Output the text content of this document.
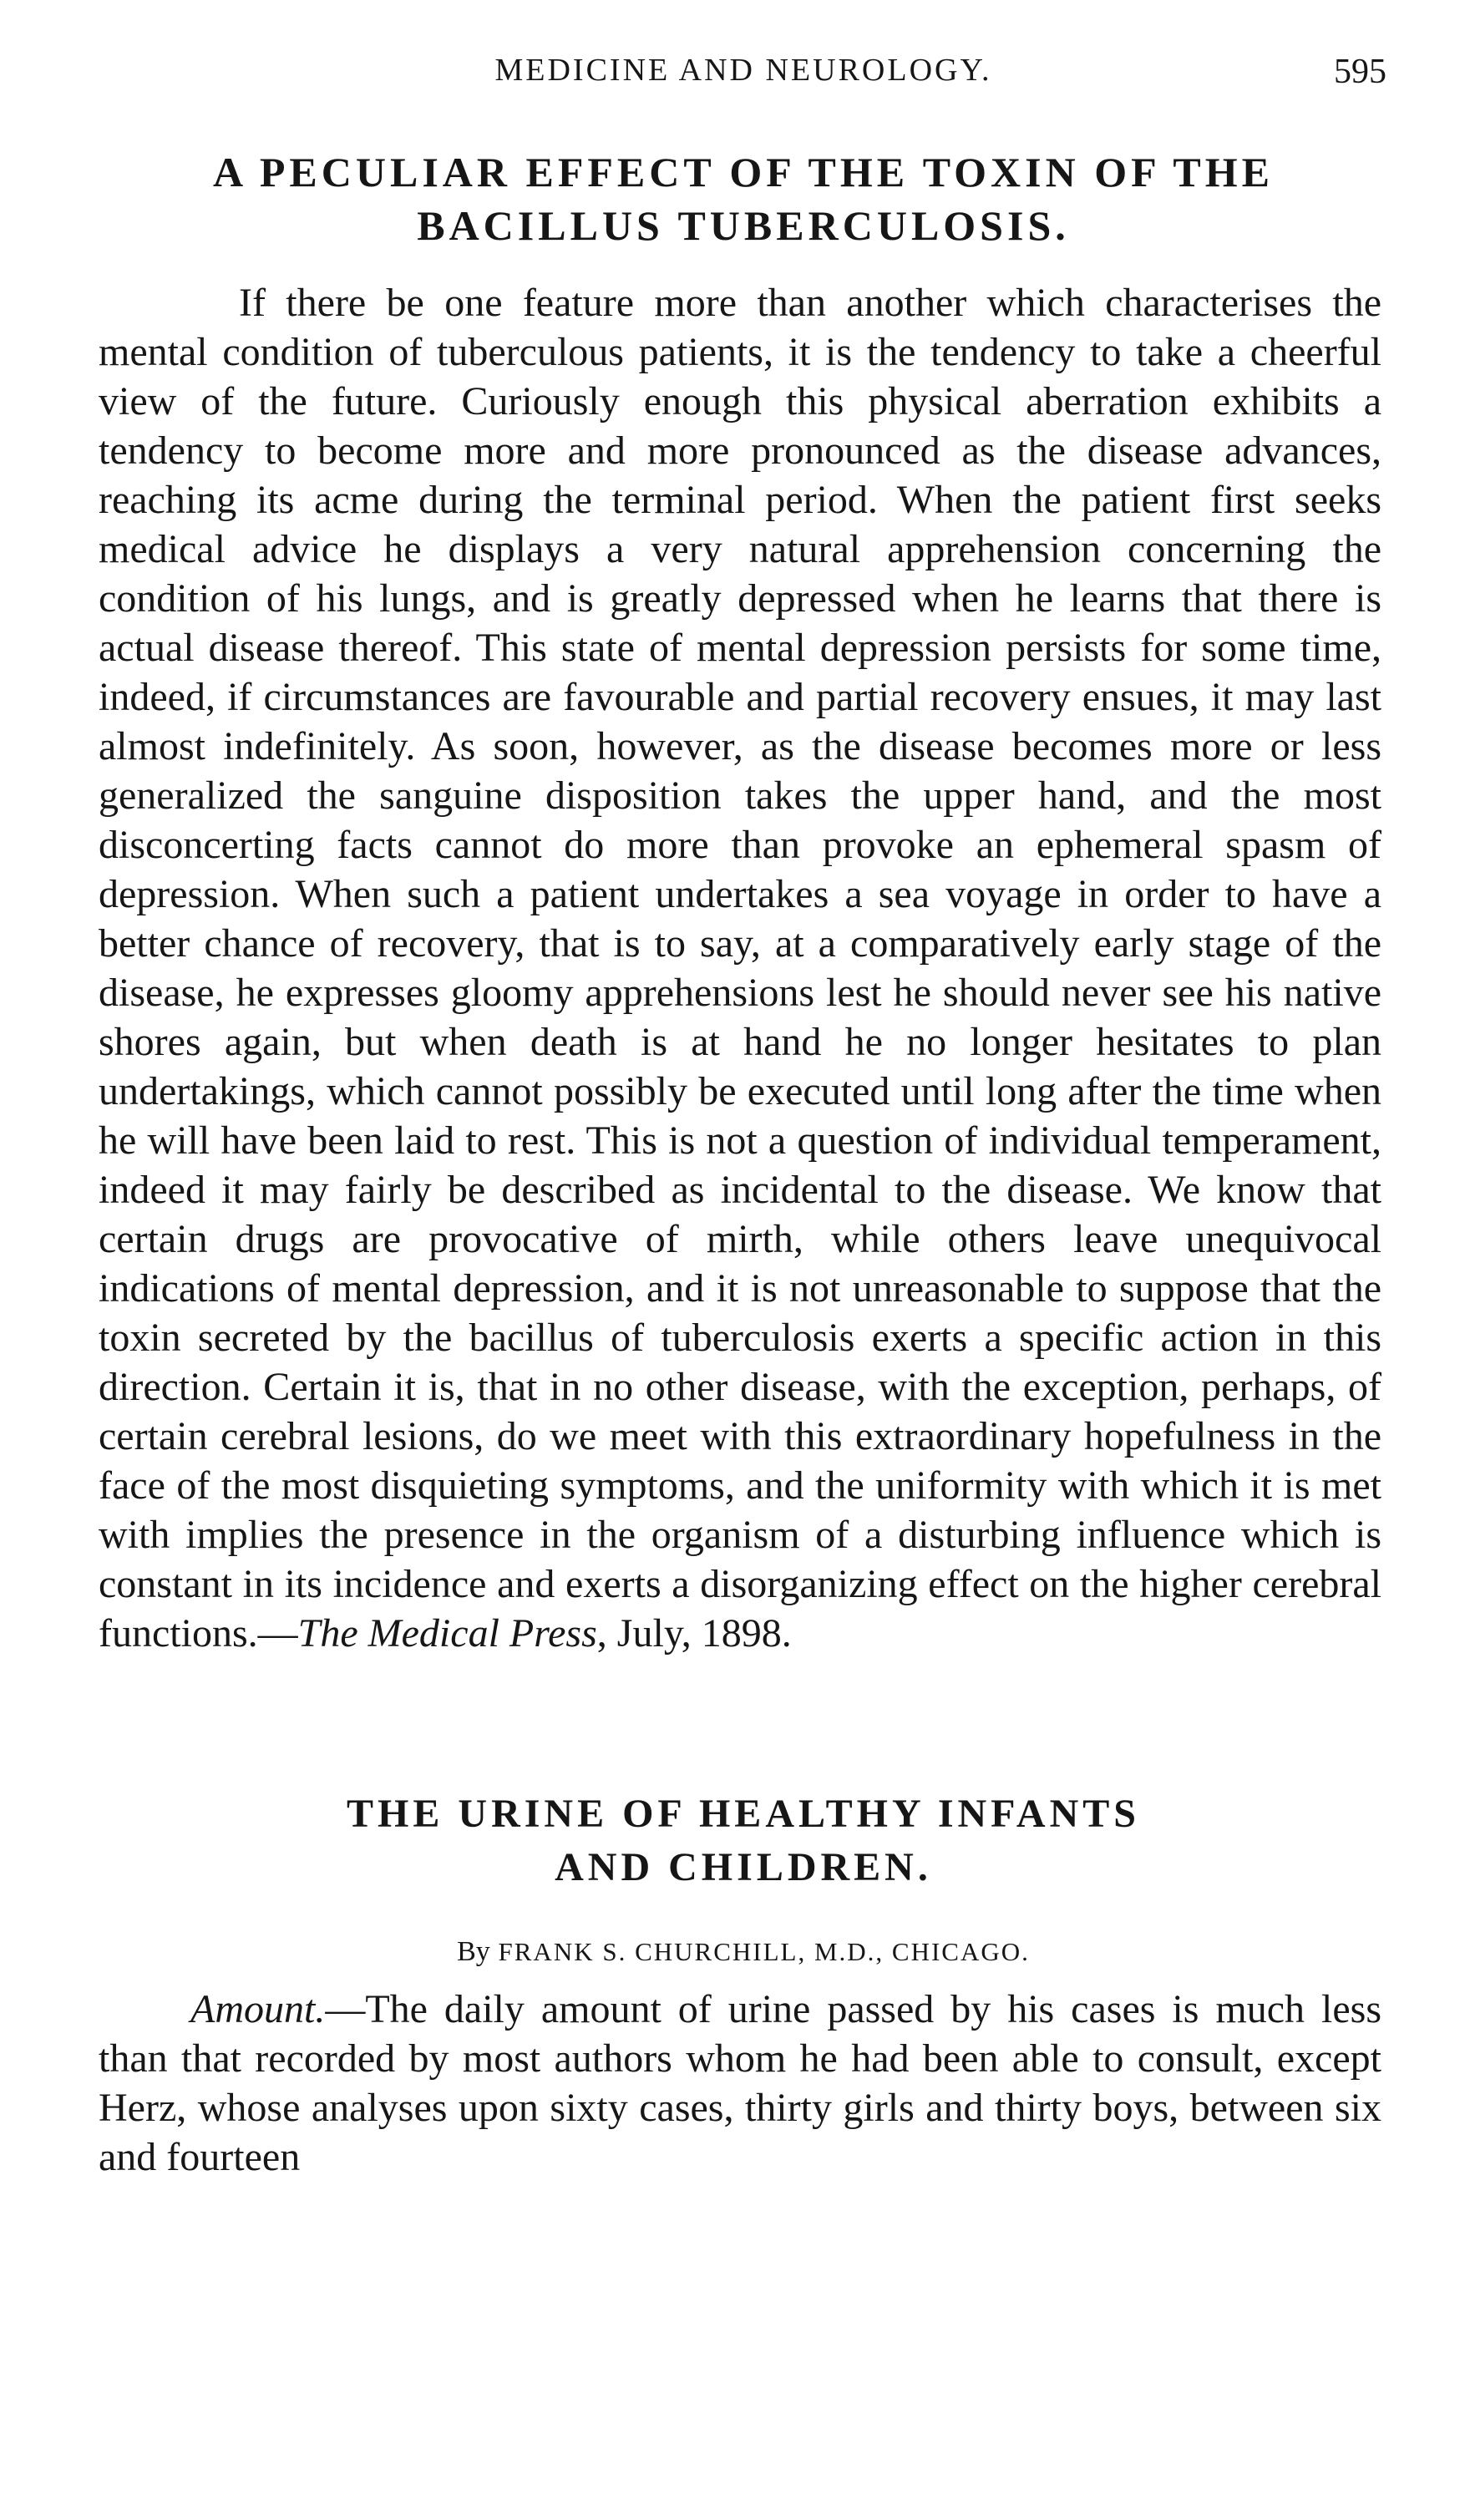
MEDICINE AND NEUROLOGY.	595
A PECULIAR EFFECT OF THE TOXIN OF THE
BACILLUS TUBERCULOSIS.

If there be one feature more than another which characterises the mental condition of tuberculous patients, it is the tendency to take a cheerful view of the future. Curiously enough this physical aberration exhibits a tendency to become more and more pronounced as the disease advances, reaching its acme during the terminal period. When the patient first seeks medical advice he displays a very natural apprehension concerning the condition of his lungs, and is greatly depressed when he learns that there is actual disease thereof. This state of mental depression persists for some time, indeed, if circumstances are favourable and partial recovery ensues, it may last almost indefinitely. As soon, however, as the disease becomes more or less generalized the sanguine disposition takes the upper hand, and the most disconcerting facts cannot do more than provoke an ephemeral spasm of depression. When such a patient undertakes a sea voyage in order to have a better chance of recovery, that is to say, at a comparatively early stage of the disease, he expresses gloomy apprehensions lest he should never see his native shores again, but when death is at hand he no longer hesitates to plan undertakings, which cannot possibly be executed until long after the time when he will have been laid to rest. This is not a question of individual temperament, indeed it may fairly be described as incidental to the disease. We know that certain drugs are provocative of mirth, while others leave unequivocal indications of mental depression, and it is not unreasonable to suppose that the toxin secreted by the bacillus of tuberculosis exerts a specific action in this direction. Certain it is, that in no other disease, with the exception, perhaps, of certain cerebral lesions, do we meet with this extraordinary hopefulness in the face of the most disquieting symptoms, and the uniformity with which it is met with implies the presence in the organism of a disturbing influence which is constant in its incidence and exerts a disorganizing effect on the higher cerebral functions.—The Medical Press, July, 1898.

THE URINE OF HEALTHY INFANTS
AND CHILDREN.
By FRANK S. CHURCHILL, M.D., CHICAGO.

Amount.—The daily amount of urine passed by his cases is much less than that recorded by most authors whom he had been able to consult, except Herz, whose analyses upon sixty cases, thirty girls and thirty boys, between six and fourteen
